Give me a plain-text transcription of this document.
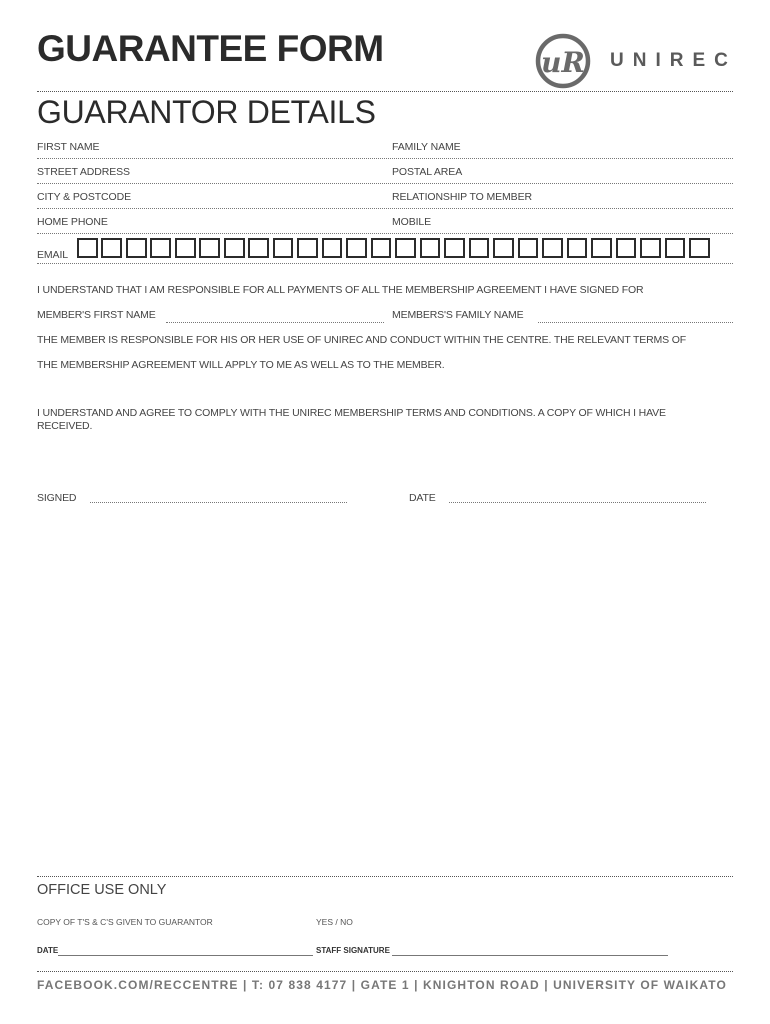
GUARANTEE FORM	uR UNIREC
GUARANTOR DETAILS
FIRST NAME	FAMILY NAME
STREET ADDRESS	POSTAL AREA
CITY & POSTCODE	RELATIONSHIP TO MEMBER
HOME PHONE	MOBILE
EMAIL
I UNDERSTAND THAT I AM RESPONSIBLE FOR ALL PAYMENTS OF ALL THE MEMBERSHIP AGREEMENT I HAVE SIGNED FOR
MEMBER'S FIRST NAME	MEMBERS'S FAMILY NAME
THE MEMBER IS RESPONSIBLE FOR HIS OR HER USE OF UNIREC AND CONDUCT WITHIN THE CENTRE. THE RELEVANT TERMS OF
THE MEMBERSHIP AGREEMENT WILL APPLY TO ME AS WELL AS TO THE MEMBER.
I UNDERSTAND AND AGREE TO COMPLY WITH THE UNIREC MEMBERSHIP TERMS AND CONDITIONS. A COPY OF WHICH I HAVE
RECEIVED.
SIGNED	DATE
OFFICE USE ONLY
COPY OF T'S & C'S GIVEN TO GUARANTOR	YES / NO
DATE	STAFF SIGNATURE
FACEBOOK.COM/RECCENTRE | T: 07 838 4177 | GATE 1 | KNIGHTON ROAD | UNIVERSITY OF WAIKATO
